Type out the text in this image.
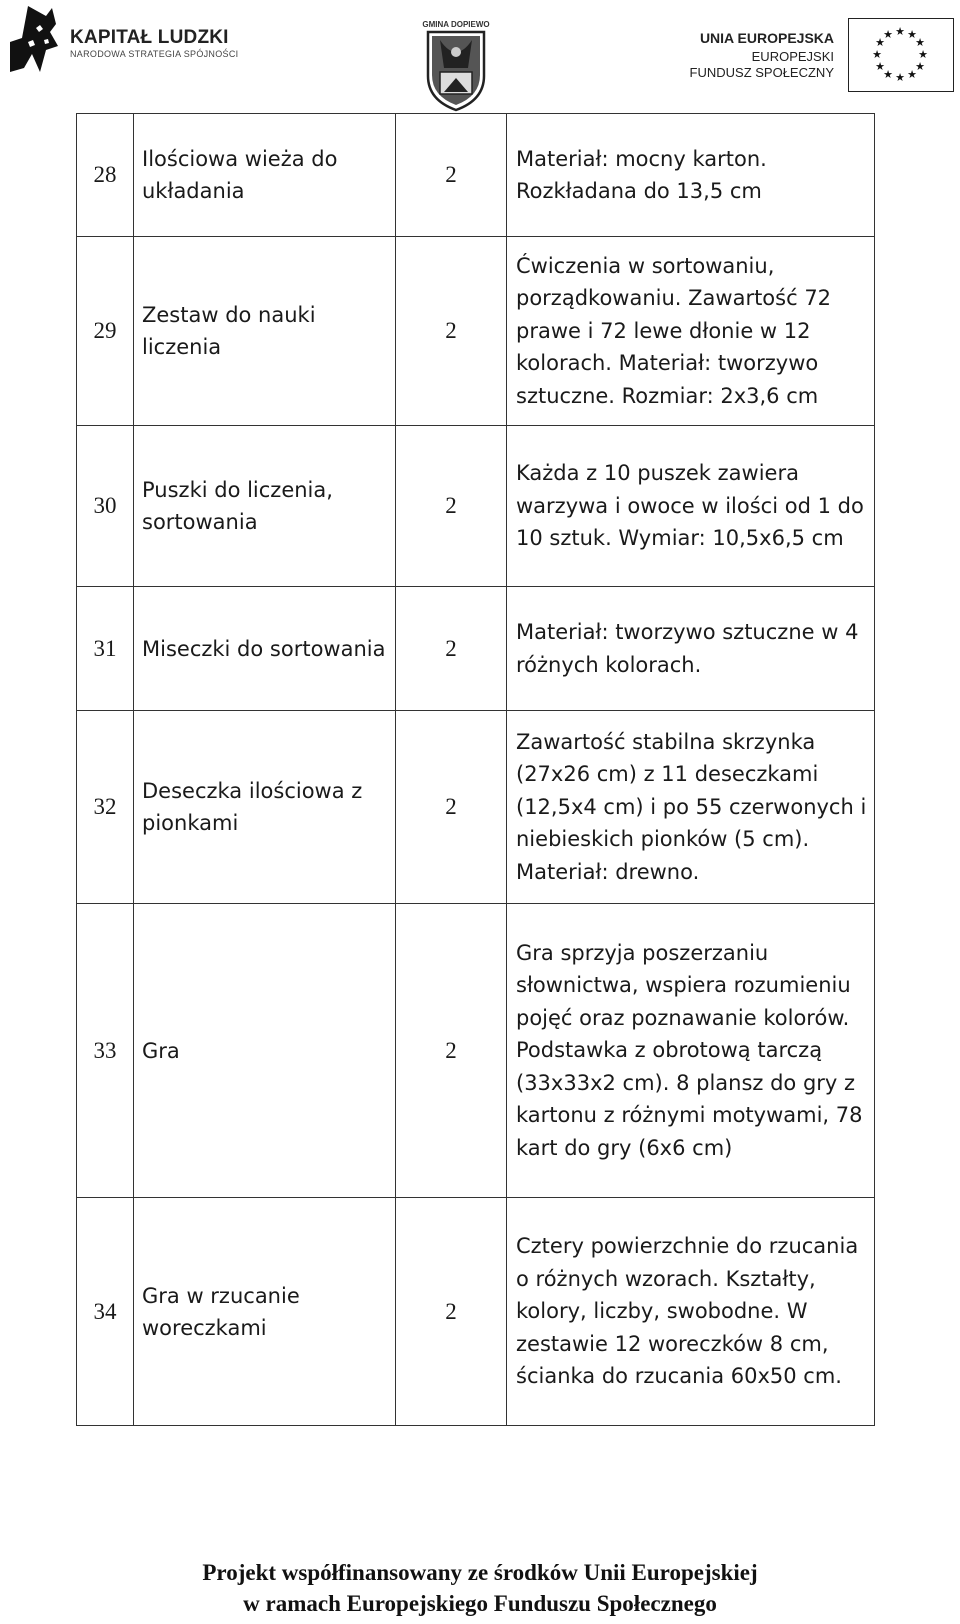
KAPITAŁ LUDZKI
NARODOWA STRATEGIA SPÓJNOŚCI
GMINA DOPIEWO
UNIA EUROPEJSKA
EUROPEJSKI
FUNDUSZ SPOŁECZNY
★ ★
★
★
★
★
★
★
★
★
★
★
28	Ilościowa wieża do układania	2	Materiał: mocny karton. Rozkładana do 13,5 cm
29	Zestaw do nauki liczenia	2	Ćwiczenia w sortowaniu, porządkowaniu. Zawartość 72 prawe i 72 lewe dłonie w 12 kolorach. Materiał: tworzywo sztuczne. Rozmiar: 2x3,6 cm
30	Puszki do liczenia, sortowania	2	Każda z 10 puszek zawiera warzywa i owoce w ilości od 1 do 10 sztuk. Wymiar: 10,5x6,5 cm
31	Miseczki do sortowania	2	Materiał: tworzywo sztuczne w 4 różnych kolorach.
32	Deseczka ilościowa z pionkami	2	Zawartość stabilna skrzynka (27x26 cm) z 11 deseczkami (12,5x4 cm) i po 55 czerwonych i niebieskich pionków (5 cm). Materiał: drewno.
33	Gra	2	Gra sprzyja poszerzaniu słownictwa, wspiera rozumieniu pojęć oraz poznawanie kolorów. Podstawka z obrotową tarczą (33x33x2 cm). 8 plansz do gry z kartonu z różnymi motywami, 78 kart do gry (6x6 cm)
34	Gra w rzucanie woreczkami	2	Cztery powierzchnie do rzucania o różnych wzorach. Kształty, kolory, liczby, swobodne. W zestawie 12 woreczków 8 cm, ścianka do rzucania 60x50 cm.
Projekt współfinansowany ze środków Unii Europejskiej
w ramach Europejskiego Funduszu Społecznego
